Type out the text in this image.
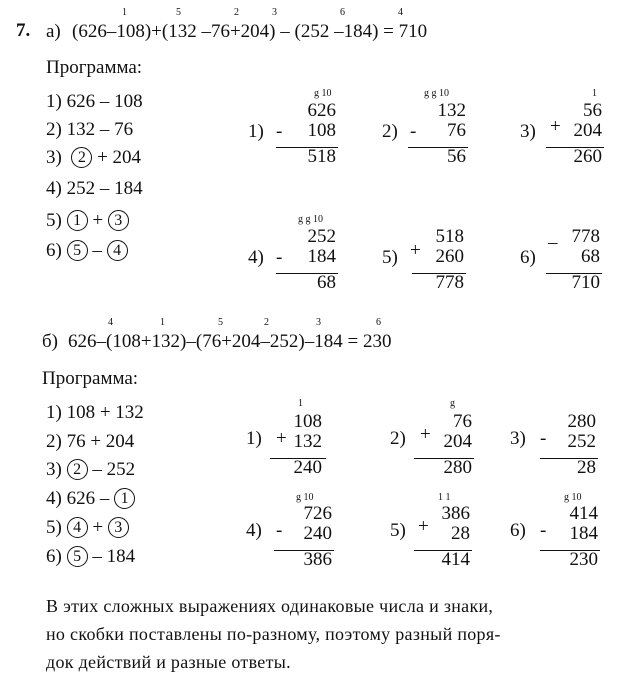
7. а) (626–108)+(132 –76+204) – (252 –184) = 710
1	5	2	3	6	4
Программа:
1) 626 – 108
2) 132 – 76
3) 2 + 204
4) 252 – 184
5) 1 + 3
6) 5 – 4
1) -
g 10
626
108
518
2) -
g g 10
132
76
56
3) +
1
56
204
260
4) -
g g 10
252
184
68
5) +
518
260
778
6)
– 778
68
710
б) 626–(108+132)–(76+204–252)–184 = 230
4	1	5	2	3	6
Программа:
1) 108 + 132
2) 76 + 204
3) 2 – 252
4) 626 – 1
5) 4 + 3
6) 5 – 184
1) +
1
108
132
240
2) +
g
76
204
280
3) -
280
252
28
4) -
g 10
726
240
386
5) +
1 1
386
28
414
6) -
g 10
414
184
230
В этих сложных выражениях одинаковые числа и знаки,
но скобки поставлены по-разному, поэтому разный поря-
док действий и разные ответы.
